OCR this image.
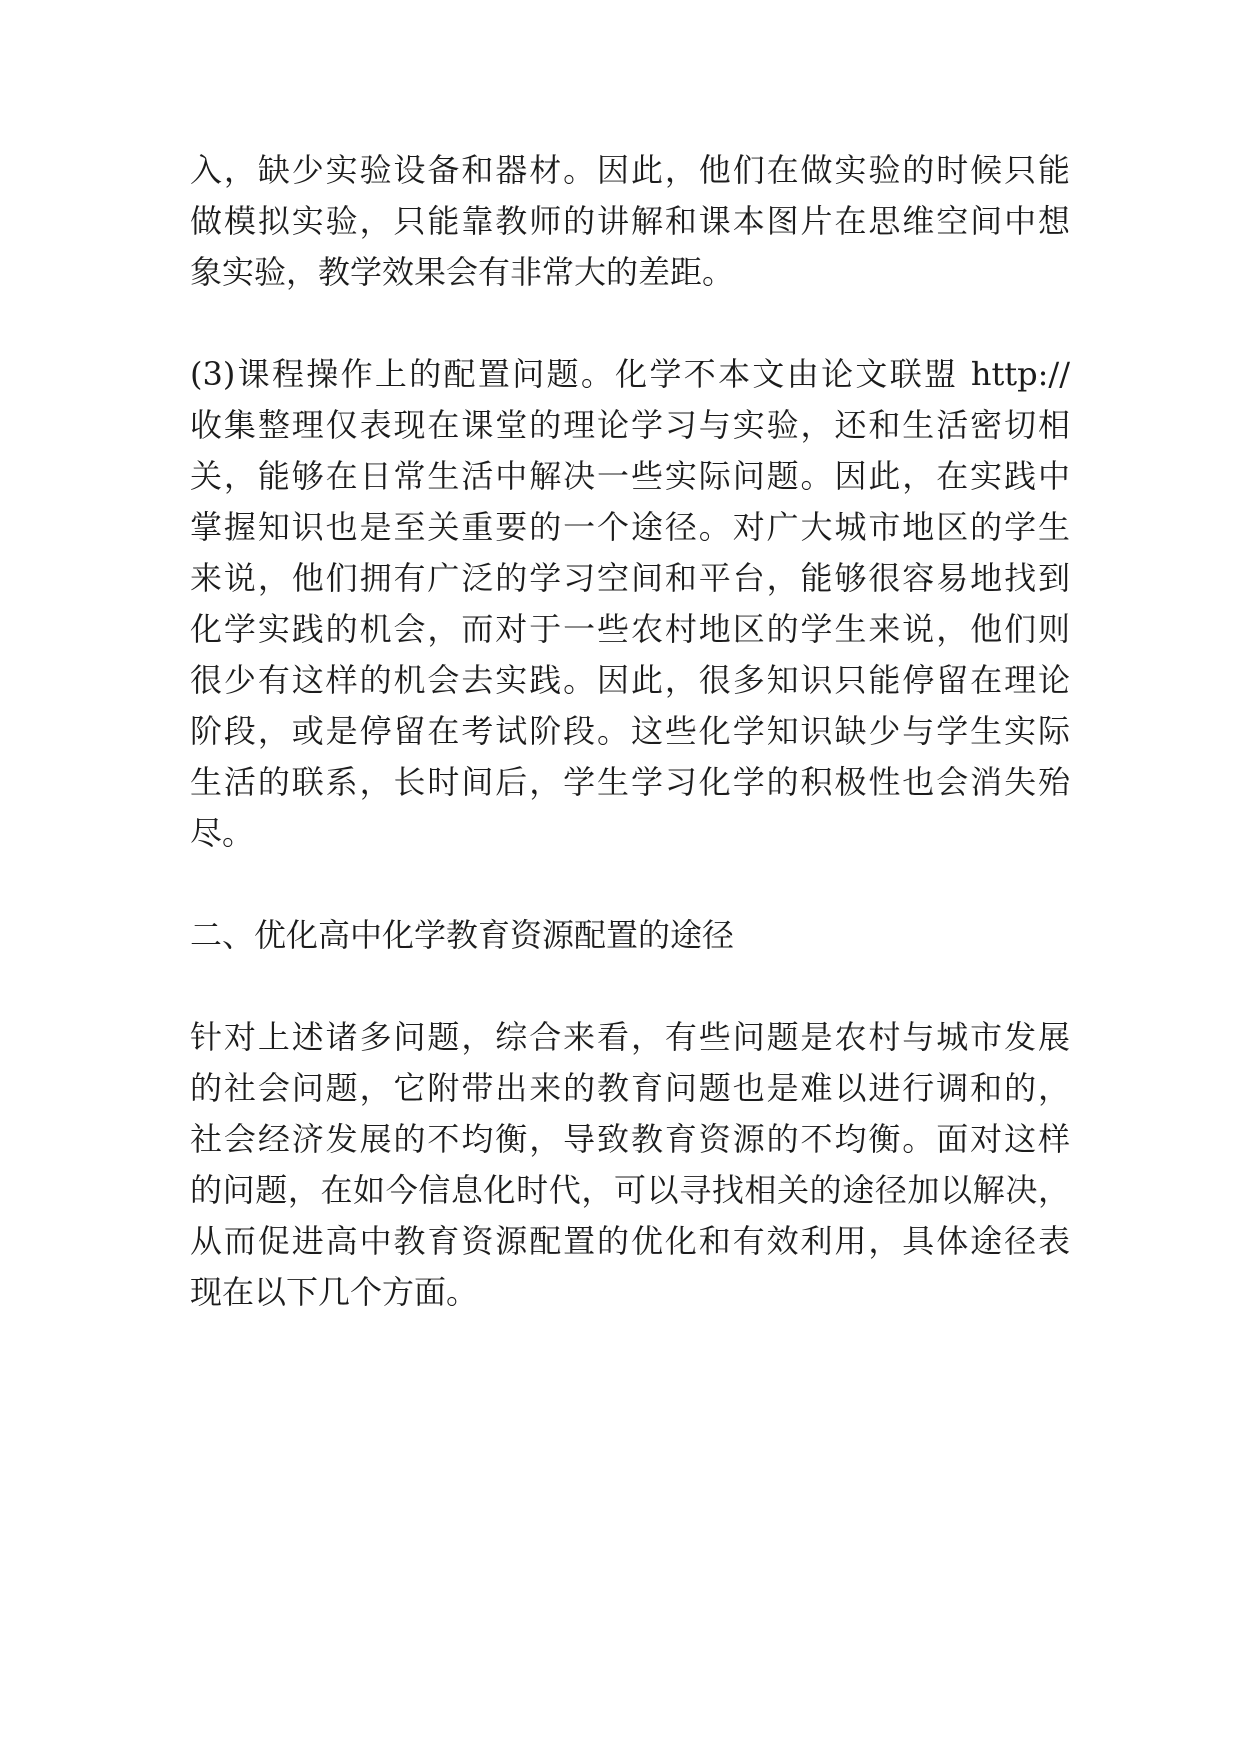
入，缺少实验设备和器材。因此，他们在做实验的时候只能

做模拟实验，只能靠教师的讲解和课本图片在思维空间中想

象实验，教学效果会有非常大的差距。

(3)课程操作上的配置问题。化学不本文由论文联盟 http://

收集整理仅表现在课堂的理论学习与实验，还和生活密切相

关，能够在日常生活中解决一些实际问题。因此，在实践中

掌握知识也是至关重要的一个途径。对广大城市地区的学生

来说，他们拥有广泛的学习空间和平台，能够很容易地找到

化学实践的机会，而对于一些农村地区的学生来说，他们则

很少有这样的机会去实践。因此，很多知识只能停留在理论

阶段，或是停留在考试阶段。这些化学知识缺少与学生实际

生活的联系，长时间后，学生学习化学的积极性也会消失殆

尽。

二、优化高中化学教育资源配置的途径

针对上述诸多问题，综合来看，有些问题是农村与城市发展

的社会问题，它附带出来的教育问题也是难以进行调和的，

社会经济发展的不均衡，导致教育资源的不均衡。面对这样

的问题，在如今信息化时代，可以寻找相关的途径加以解决，

从而促进高中教育资源配置的优化和有效利用，具体途径表

现在以下几个方面。
